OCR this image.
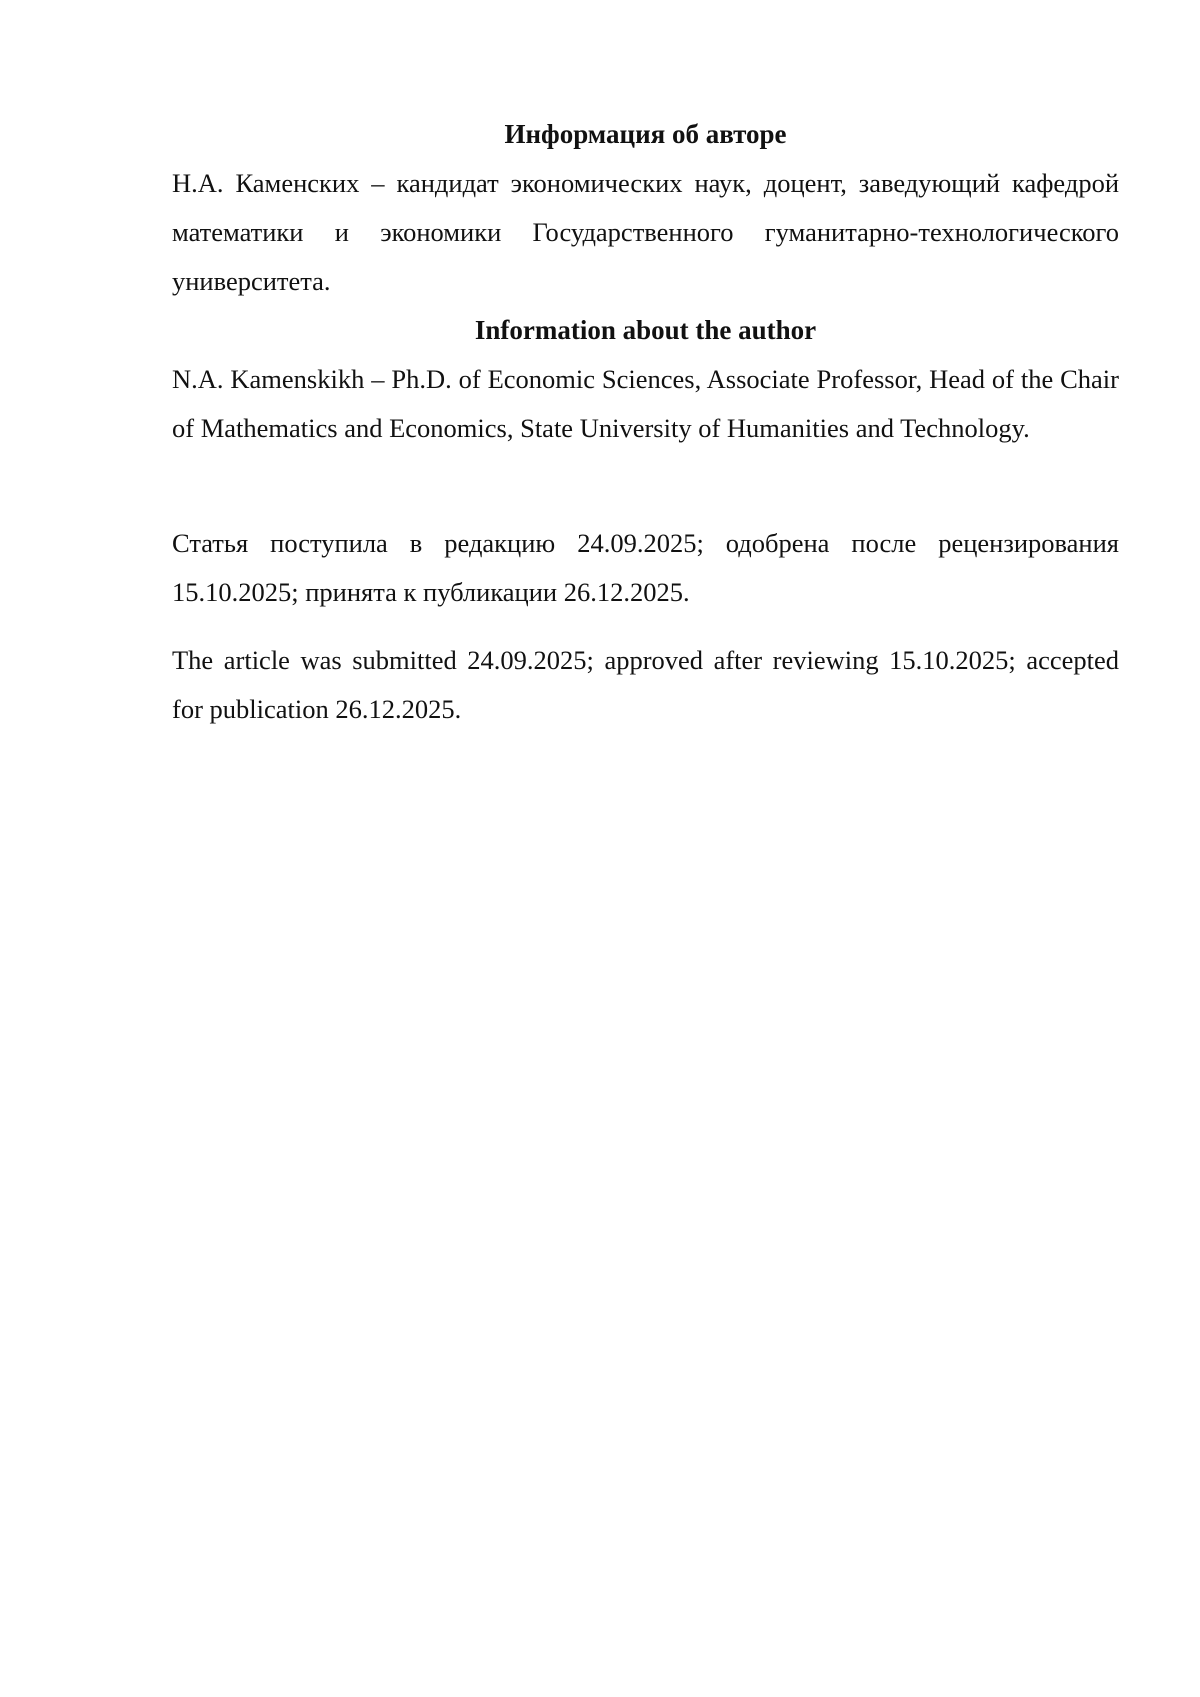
Информация об авторе

Н.А. Каменских – кандидат экономических наук, доцент, заведующий кафедрой математики и экономики Государственного гуманитарно-технологического университета.

Information about the author

N.A. Kamenskikh – Ph.D. of Economic Sciences, Associate Professor, Head of the Chair of Mathematics and Economics, State University of Humanities and Technology.

Статья поступила в редакцию 24.09.2025; одобрена после рецензирования 15.10.2025; принята к публикации 26.12.2025.

The article was submitted 24.09.2025; approved after reviewing 15.10.2025; accepted for publication 26.12.2025.
